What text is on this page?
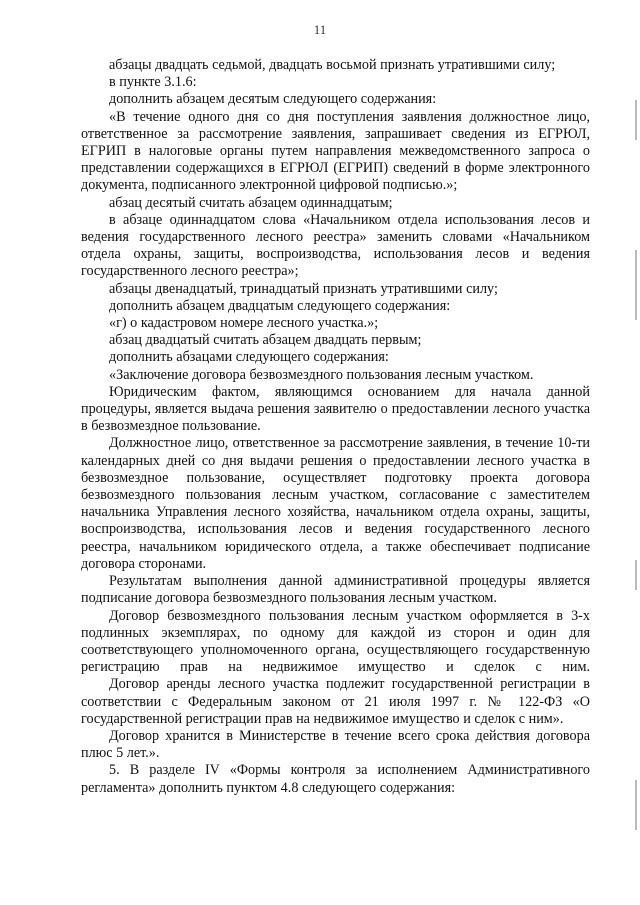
11

абзацы двадцать седьмой, двадцать восьмой признать утратившими силу;

в пункте 3.1.6:

дополнить абзацем десятым следующего содержания:

«В течение одного дня со дня поступления заявления должностное лицо, ответственное за рассмотрение заявления, запрашивает сведения из ЕГРЮЛ, ЕГРИП в налоговые органы путем направления межведомственного запроса о представлении содержащихся в ЕГРЮЛ (ЕГРИП) сведений в форме электронного документа, подписанного электронной цифровой подписью.»;

абзац десятый считать абзацем одиннадцатым;

в абзаце одиннадцатом слова «Начальником отдела использования лесов и ведения государственного лесного реестра» заменить словами «Начальником отдела охраны, защиты, воспроизводства, использования лесов и ведения государственного лесного реестра»;

абзацы двенадцатый, тринадцатый признать утратившими силу;

дополнить абзацем двадцатым следующего содержания:

«г) о кадастровом номере лесного участка.»;

абзац двадцатый считать абзацем двадцать первым;

дополнить абзацами следующего содержания:

«Заключение договора безвозмездного пользования лесным участком.

Юридическим фактом, являющимся основанием для начала данной процедуры, является выдача решения заявителю о предоставлении лесного участка в безвозмездное пользование.

Должностное лицо, ответственное за рассмотрение заявления, в течение 10-ти календарных дней со дня выдачи решения о предоставлении лесного участка в безвозмездное пользование, осуществляет подготовку проекта договора безвозмездного пользования лесным участком, согласование с заместителем начальника Управления лесного хозяйства, начальником отдела охраны, защиты, воспроизводства, использования лесов и ведения государственного лесного реестра, начальником юридического отдела, а также обеспечивает подписание договора сторонами.

Результатам выполнения данной административной процедуры является подписание договора безвозмездного пользования лесным участком.

Договор безвозмездного пользования лесным участком оформляется в 3-х подлинных экземплярах, по одному для каждой из сторон и один для соответствующего уполномоченного органа, осуществляющего государственную регистрацию прав на недвижимое имущество и сделок с ним.

Договор аренды лесного участка подлежит государственной регистрации в соответствии с Федеральным законом от 21 июля 1997 г. № 122-ФЗ «О государственной регистрации прав на недвижимое имущество и сделок с ним».

Договор хранится в Министерстве в течение всего срока действия договора плюс 5 лет.».

5. В разделе IV «Формы контроля за исполнением Административного регламента» дополнить пунктом 4.8 следующего содержания:
